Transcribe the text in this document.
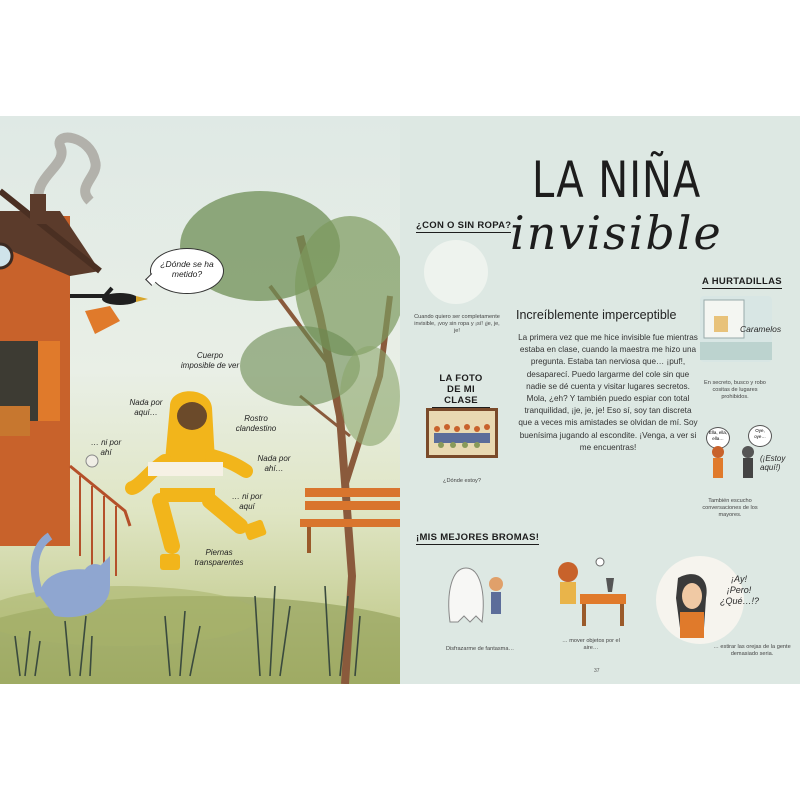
¿Dónde se ha metido?
Cuerpo imposible de ver
Nada por aquí…
Rostro clandestino
… ni por ahí
Nada por ahí…
… ni por aquí
Piernas transparentes
LA NIÑA
invisible
¿CON O SIN ROPA?
Cuando quiero ser completamente invisible, ¡voy sin ropa y ¡sí! ¡je, je, je!
A HURTADILLAS
Caramelos
En secreto, busco y robo cositas de lugares prohibidos.
Ella, ella, ella…
Oye, oye…
(¡Estoy aquí!)
También escucho conversaciones de los mayores.
Increíblemente imperceptible
La primera vez que me hice invisible fue mientras estaba en clase, cuando la maestra me hizo una pregunta. Estaba tan nerviosa que… ¡puf!, desaparecí. Puedo largarme del cole sin que nadie se dé cuenta y visitar lugares secretos. Mola, ¿eh? Y también puedo espiar con total tranquilidad, ¡je, je, je! Eso sí, soy tan discreta que a veces mis amistades se olvidan de mí. Soy buenísima jugando al escondite. ¡Venga, a ver si me encuentras!
LA FOTO DE MI CLASE
¿Dónde estoy?
¡MIS MEJORES BROMAS!
Disfrazarme de fantasma…
… mover objetos por el aire…
¡Ay! ¡Pero! ¿Qué…!?
… estirar las orejas de la gente demasiado seria.
37
